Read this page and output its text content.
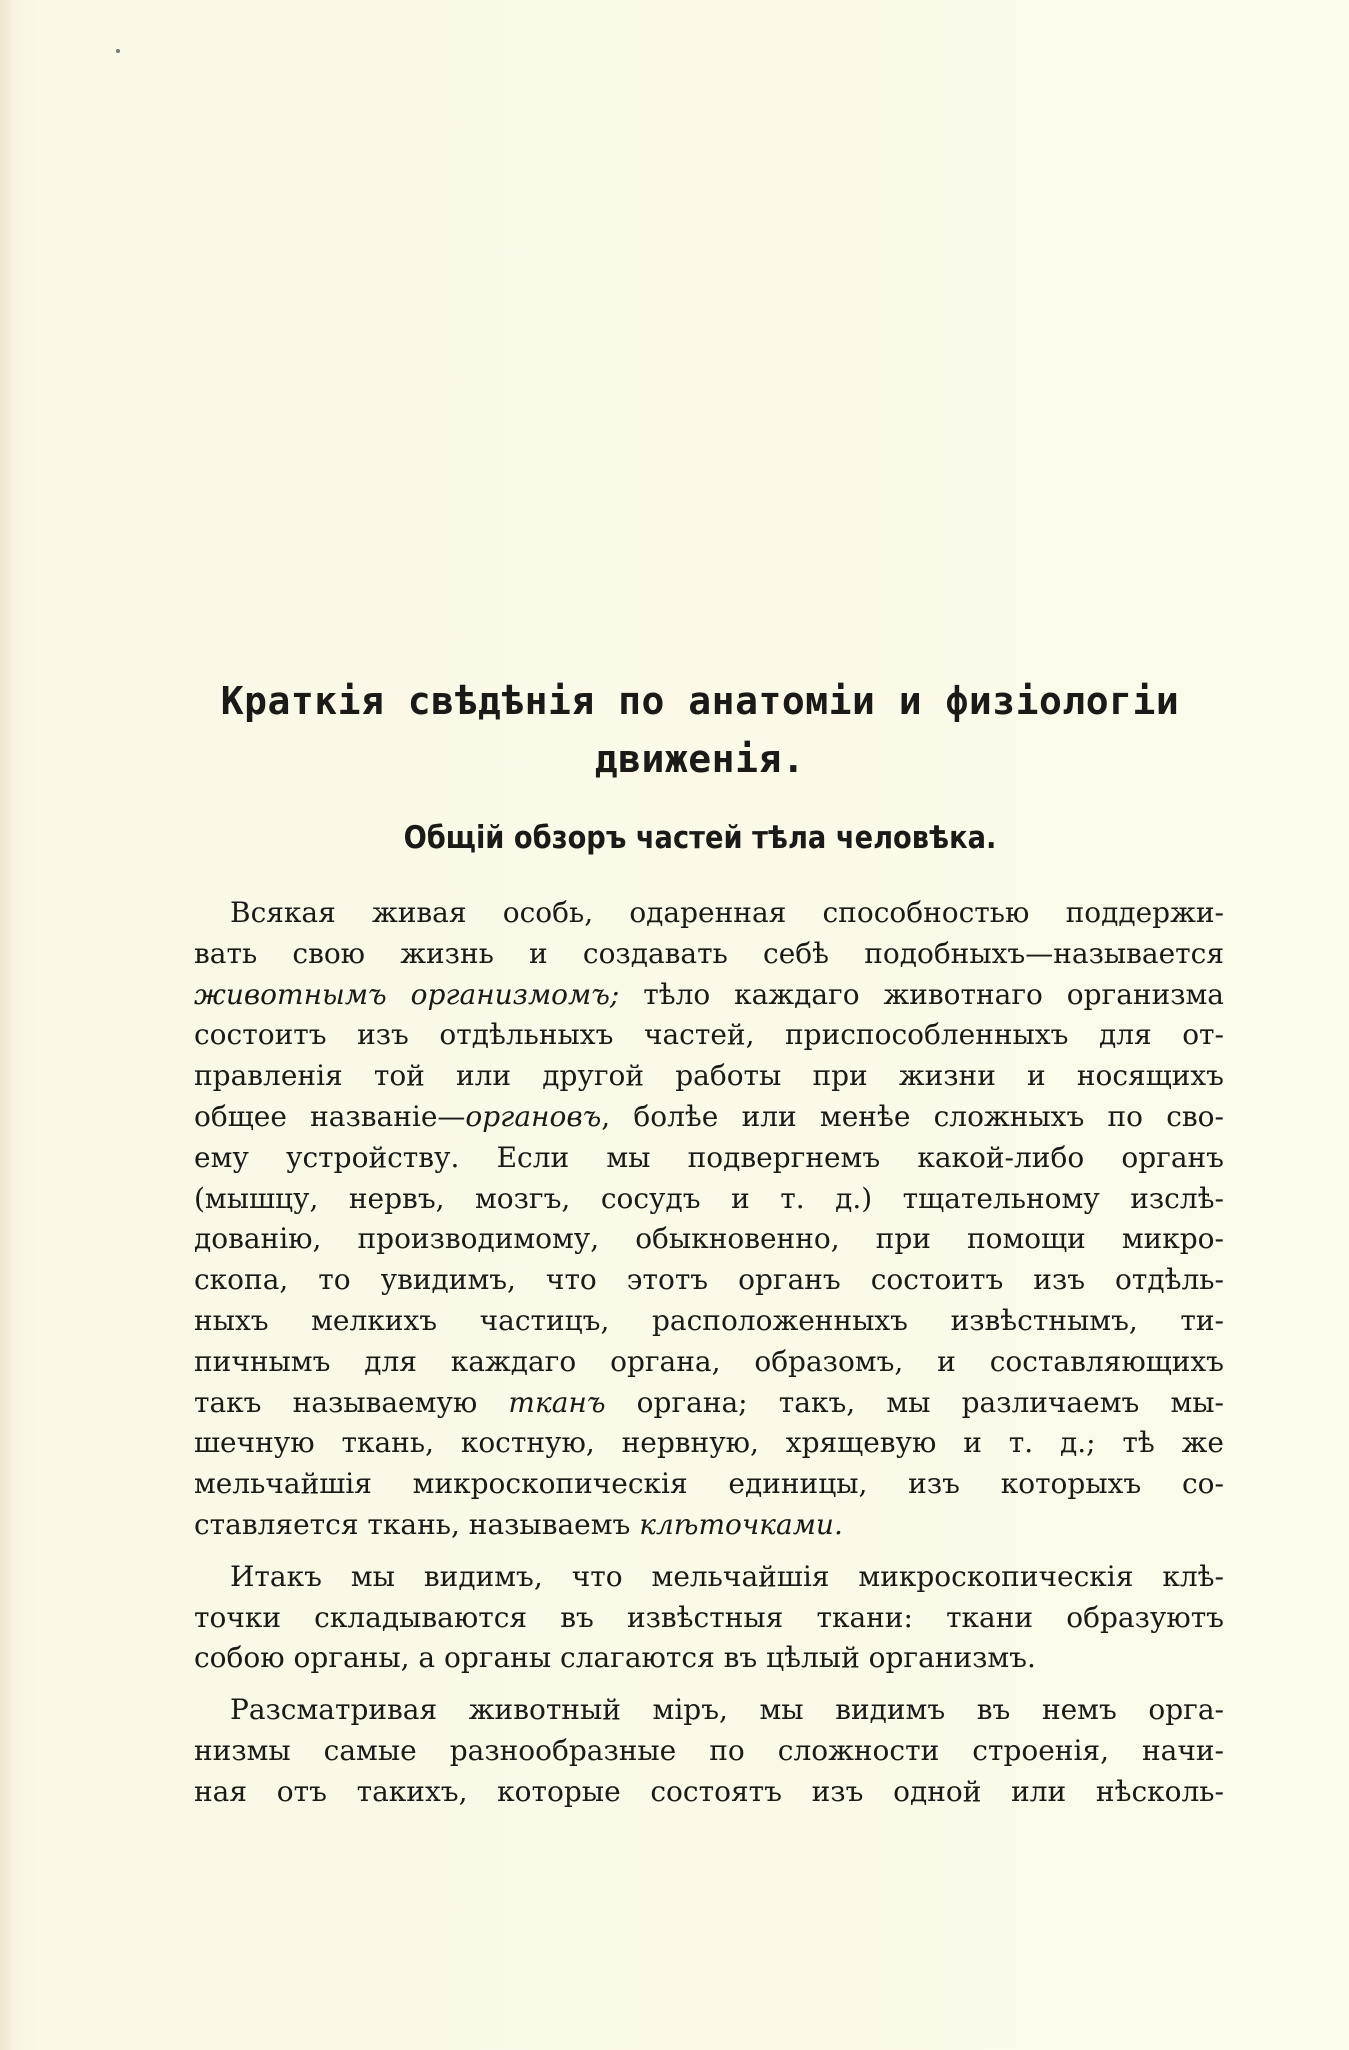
Краткія свѣдѣнія по анатоміи и физіологіи
движенія.
Общій обзоръ частей тѣла человѣка.
Всякая живая особь, одаренная способностью поддержи-
вать свою жизнь и создавать себѣ подобныхъ—называется
животнымъ организмомъ; тѣло каждаго животнаго организма
состоитъ изъ отдѣльныхъ частей, приспособленныхъ для от-
правленія той или другой работы при жизни и носящихъ
общее названіе—органовъ, болѣе или менѣе сложныхъ по сво-
ему устройству. Если мы подвергнемъ какой-либо органъ
(мышцу, нервъ, мозгъ, сосудъ и т. д.) тщательному изслѣ-
дованію, производимому, обыкновенно, при помощи микро-
скопа, то увидимъ, что этотъ органъ состоитъ изъ отдѣль-
ныхъ мелкихъ частицъ, расположенныхъ извѣстнымъ, ти-
пичнымъ для каждаго органа, образомъ, и составляющихъ
такъ называемую тканъ органа; такъ, мы различаемъ мы-
шечную ткань, костную, нервную, хрящевую и т. д.; тѣ же
мельчайшія микроскопическія единицы, изъ которыхъ со-
ставляется ткань, называемъ клѣточками.
Итакъ мы видимъ, что мельчайшія микроскопическія клѣ-
точки складываются въ извѣстныя ткани: ткани образуютъ
собою органы, а органы слагаются въ цѣлый организмъ.
Разсматривая животный міръ, мы видимъ въ немъ орга-
низмы самые разнообразные по сложности строенія, начи-
ная отъ такихъ, которые состоятъ изъ одной или нѣсколь-
